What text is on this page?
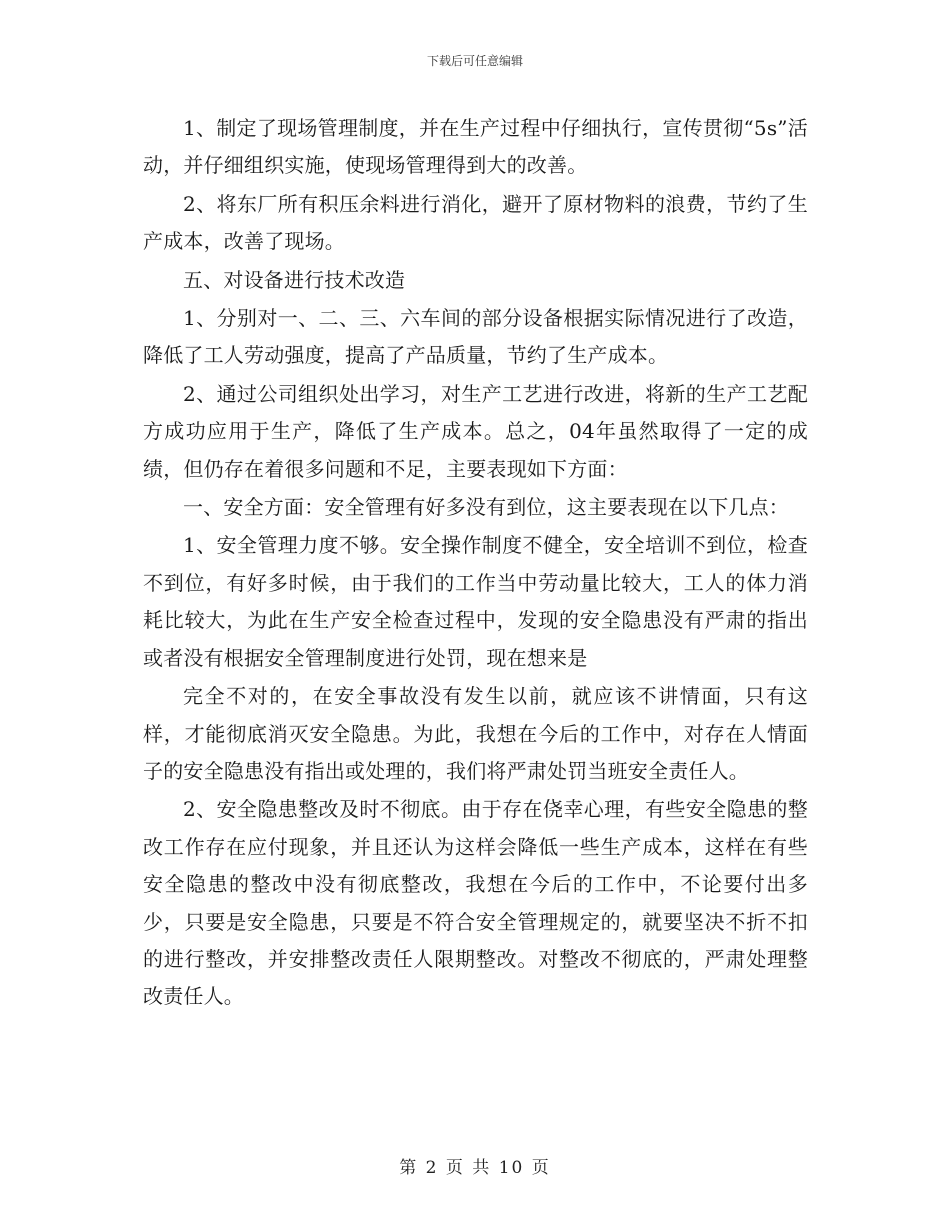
下载后可任意编辑

1、制定了现场管理制度，并在生产过程中仔细执行，宣传贯彻“5s”活动，并仔细组织实施，使现场管理得到大的改善。

2、将东厂所有积压余料进行消化，避开了原材物料的浪费，节约了生产成本，改善了现场。

五、对设备进行技术改造

1、分别对一、二、三、六车间的部分设备根据实际情况进行了改造，降低了工人劳动强度，提高了产品质量，节约了生产成本。

2、通过公司组织处出学习，对生产工艺进行改进，将新的生产工艺配方成功应用于生产，降低了生产成本。总之，04年虽然取得了一定的成绩，但仍存在着很多问题和不足，主要表现如下方面：

一、安全方面：安全管理有好多没有到位，这主要表现在以下几点：

1、安全管理力度不够。安全操作制度不健全，安全培训不到位，检查不到位，有好多时候，由于我们的工作当中劳动量比较大，工人的体力消耗比较大，为此在生产安全检查过程中，发现的安全隐患没有严肃的指出或者没有根据安全管理制度进行处罚，现在想来是

完全不对的，在安全事故没有发生以前，就应该不讲情面，只有这样，才能彻底消灭安全隐患。为此，我想在今后的工作中，对存在人情面子的安全隐患没有指出或处理的，我们将严肃处罚当班安全责任人。

2、安全隐患整改及时不彻底。由于存在侥幸心理，有些安全隐患的整改工作存在应付现象，并且还认为这样会降低一些生产成本，这样在有些安全隐患的整改中没有彻底整改，我想在今后的工作中，不论要付出多少，只要是安全隐患，只要是不符合安全管理规定的，就要坚决不折不扣的进行整改，并安排整改责任人限期整改。对整改不彻底的，严肃处理整改责任人。

第 2 页 共 10 页
